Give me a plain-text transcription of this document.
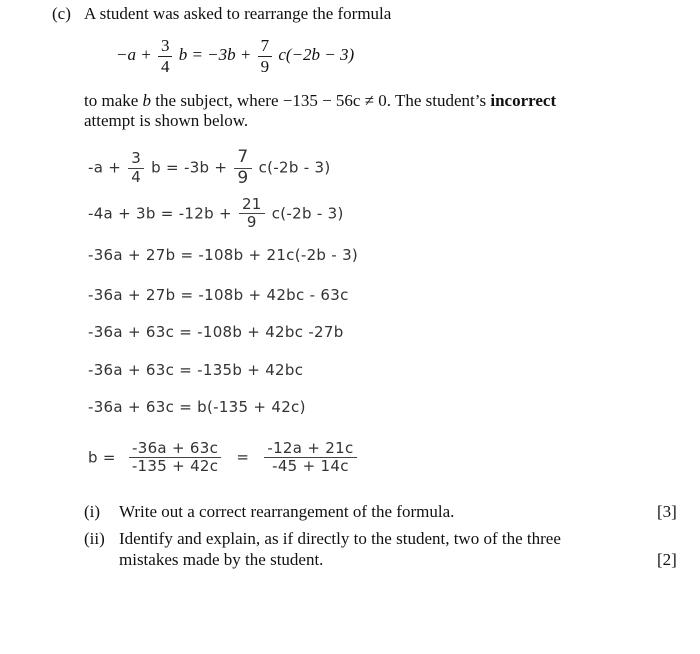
(c) A student was asked to rearrange the formula
$-a + \frac{3}{4}$ $b = -3b + \frac{7}{9} c(-2b - 3)$
to make b the subject, where −135 − 56c ≠ 0. The student’s incorrect
attempt is shown below.
$-a + \frac{3}{4}$ $b = -3b + \frac{7}{9} c(-2b - 3)$
$-4a + 3b = -12b + \frac{21}{9} c(-2b - 3)$
-36a + 27b = -108b + 21c(-2b - 3)
-36a + 27b = -108b + 42bc - 63c
-36a + 63c = -108b + 42bc -27b
-36a + 63c = -135b + 42bc
-36a + 63c = b(-135 + 42c)
$b = \frac{-36a + 63c}{-135 + 42c} = \frac{-12a + 21c}{-45 + 14c}$
(i) Write out a correct rearrangement of the formula.	[3]
(ii) Identify and explain, as if directly to the student, two of the three
mistakes made by the student.	[2]
